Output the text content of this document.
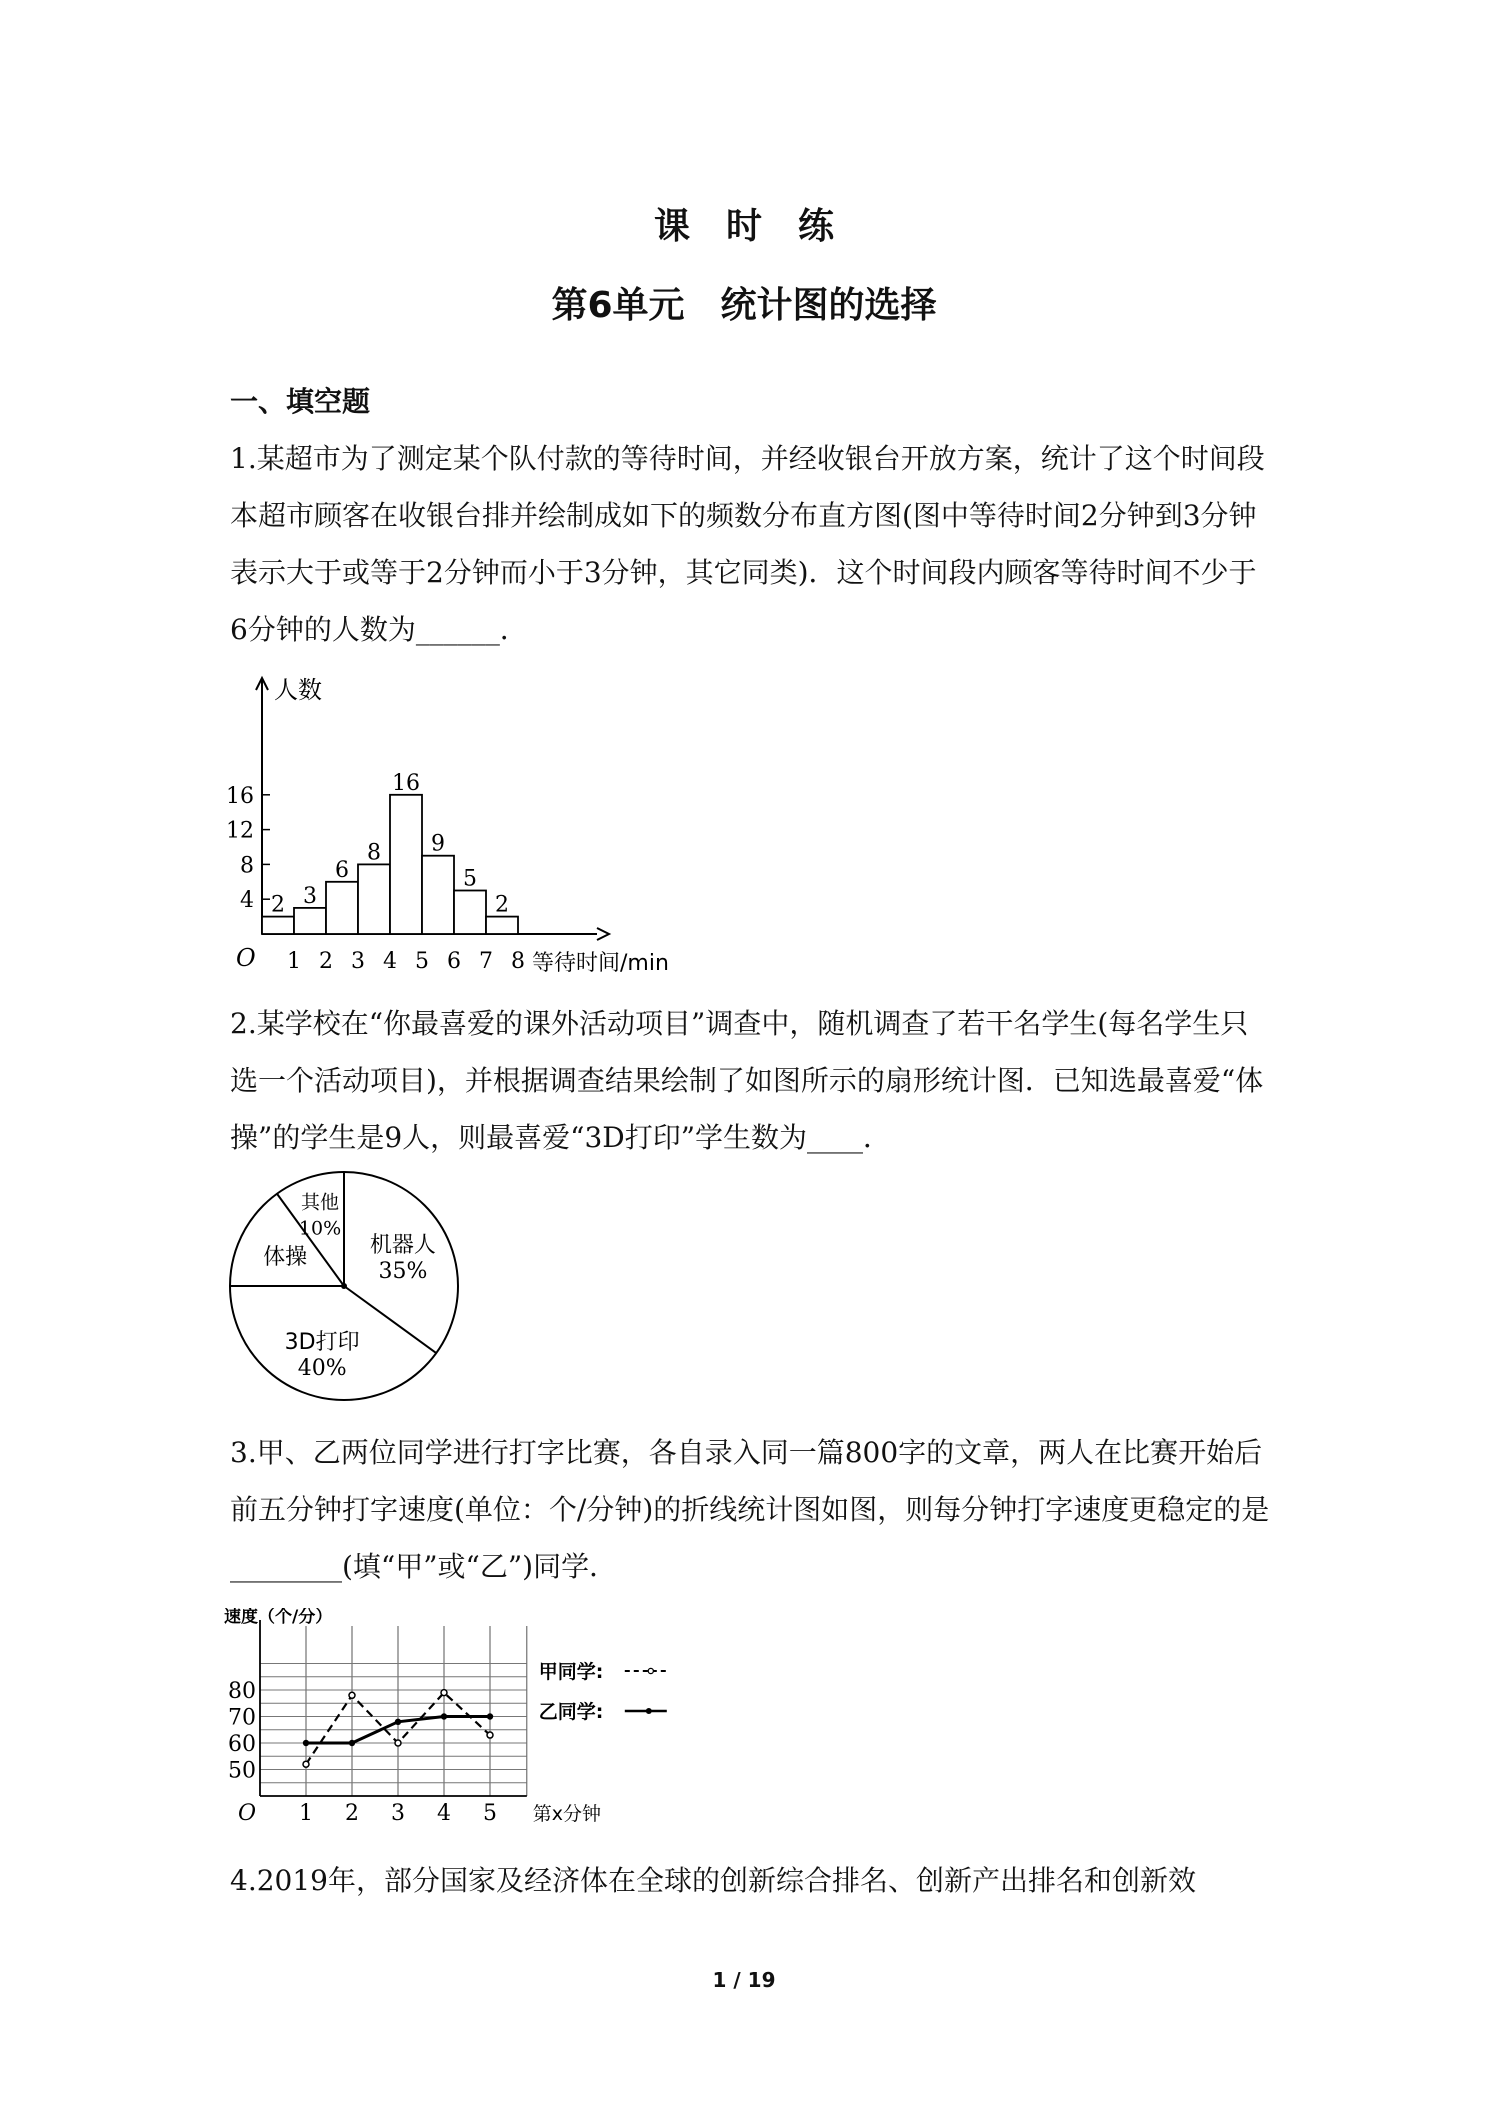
课　时　练
第6单元　统计图的选择
一、填空题
1.某超市为了测定某个队付款的等待时间，并经收银台开放方案，统计了这个时间段本超市顾客在收银台排并绘制成如下的频数分布直方图(图中等待时间2分钟到3分钟表示大于或等于2分钟而小于3分钟，其它同类)．这个时间段内顾客等待时间不少于6分钟的人数为______．
人数
等待时间/min
O
4
8
12
16
2 3
6
8
16
9
5
2
1 2 3 4 5 6 7 8
2.某学校在“你最喜爱的课外活动项目”调查中，随机调查了若干名学生(每名学生只选一个活动项目)，并根据调查结果绘制了如图所示的扇形统计图．已知选最喜爱“体操”的学生是9人，则最喜爱“3D打印”学生数为____．
机器人
35%
3D打印
40%
体操
其他
10%
3.甲、乙两位同学进行打字比赛，各自录入同一篇800字的文章，两人在比赛开始后前五分钟打字速度(单位：个/分钟)的折线统计图如图，则每分钟打字速度更稳定的是________(填“甲”或“乙”)同学．
速度（个/分）
第x分钟
O
50
60
70
80
1 2 3 4 5
甲同学:
乙同学:
4.2019年，部分国家及经济体在全球的创新综合排名、创新产出排名和创新效
1 / 19
